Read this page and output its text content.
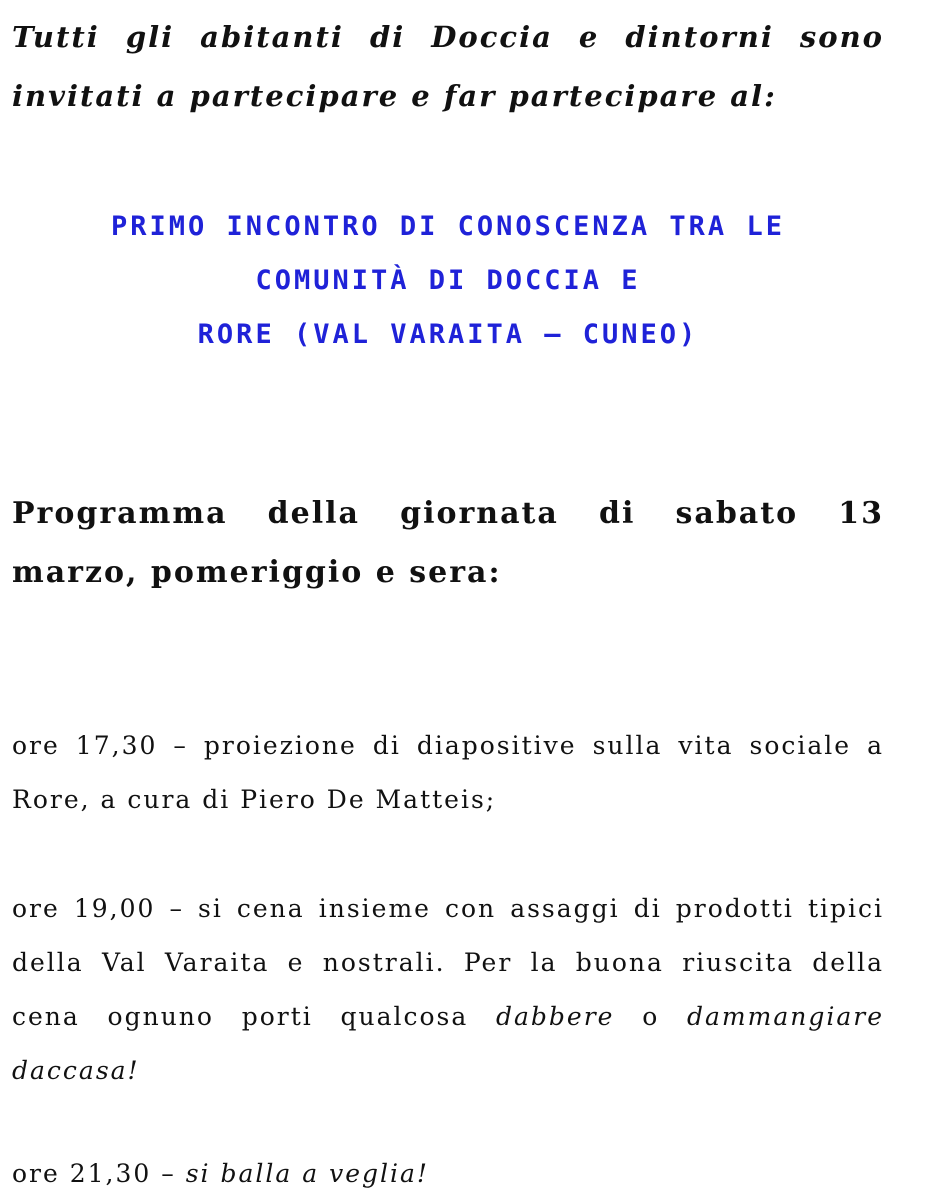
Tutti gli abitanti di Doccia e dintorni sono invitati a partecipare e far partecipare al:

PRIMO INCONTRO DI CONOSCENZA TRA LE
COMUNITÀ DI DOCCIA E
RORE (VAL VARAITA – CUNEO)

Programma della giornata di sabato 13 marzo, pomeriggio e sera:

ore 17,30 – proiezione di diapositive sulla vita sociale a Rore, a cura di Piero De Matteis;

ore 19,00 – si cena insieme con assaggi di prodotti tipici della Val Varaita e nostrali. Per la buona riuscita della cena ognuno porti qualcosa dabbere o dammangiare daccasa!

ore 21,30 – si balla a veglia!
